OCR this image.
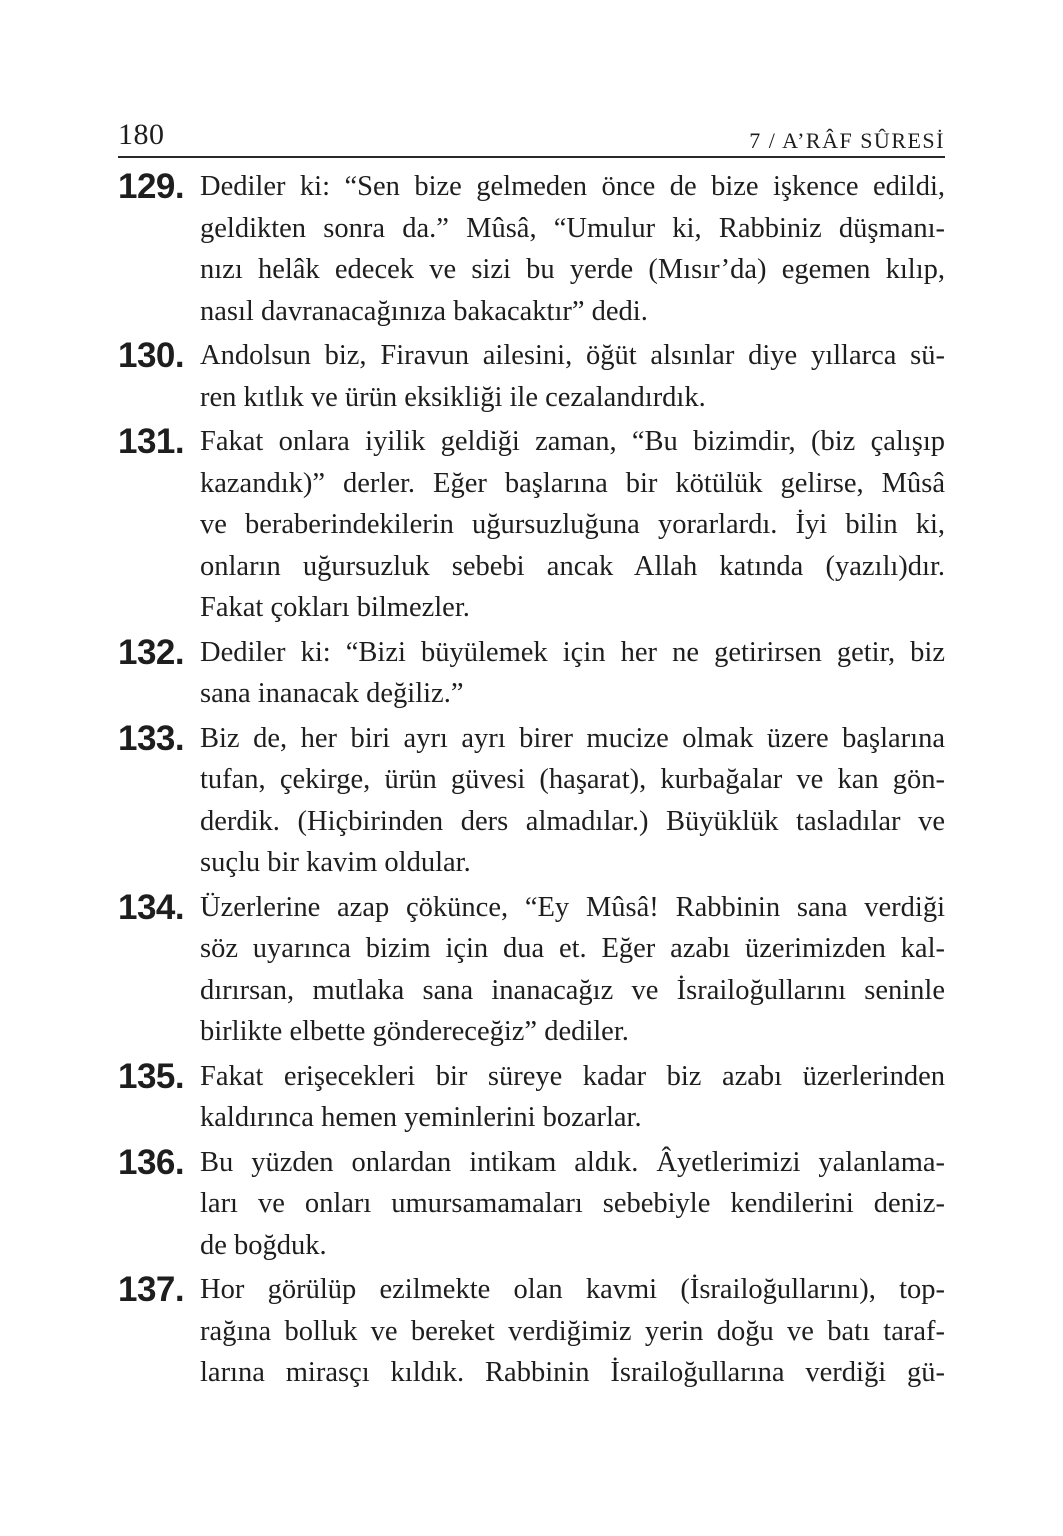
180	7 / A’RÂF SÛRESİ
129. Dediler ki: “Sen bize gelmeden önce de bize işkence edildi,
geldikten sonra da.” Mûsâ, “Umulur ki, Rabbiniz düşmanı-
nızı helâk edecek ve sizi bu yerde (Mısır’da) egemen kılıp,
nasıl davranacağınıza bakacaktır” dedi.
130. Andolsun biz, Firavun ailesini, öğüt alsınlar diye yıllarca sü-
ren kıtlık ve ürün eksikliği ile cezalandırdık.
131. Fakat onlara iyilik geldiği zaman, “Bu bizimdir, (biz çalışıp
kazandık)” derler. Eğer başlarına bir kötülük gelirse, Mûsâ
ve beraberindekilerin uğursuzluğuna yorarlardı. İyi bilin ki,
onların uğursuzluk sebebi ancak Allah katında (yazılı)dır.
Fakat çokları bilmezler.
132. Dediler ki: “Bizi büyülemek için her ne getirirsen getir, biz
sana inanacak değiliz.”
133. Biz de, her biri ayrı ayrı birer mucize olmak üzere başlarına
tufan, çekirge, ürün güvesi (haşarat), kurbağalar ve kan gön-
derdik. (Hiçbirinden ders almadılar.) Büyüklük tasladılar ve
suçlu bir kavim oldular.
134. Üzerlerine azap çökünce, “Ey Mûsâ! Rabbinin sana verdiği
söz uyarınca bizim için dua et. Eğer azabı üzerimizden kal-
dırırsan, mutlaka sana inanacağız ve İsrailoğullarını seninle
birlikte elbette göndereceğiz” dediler.
135. Fakat erişecekleri bir süreye kadar biz azabı üzerlerinden
kaldırınca hemen yeminlerini bozarlar.
136. Bu yüzden onlardan intikam aldık. Âyetlerimizi yalanlama-
ları ve onları umursamamaları sebebiyle kendilerini deniz-
de boğduk.
137. Hor görülüp ezilmekte olan kavmi (İsrailoğullarını), top-
rağına bolluk ve bereket verdiğimiz yerin doğu ve batı taraf-
larına mirasçı kıldık. Rabbinin İsrailoğullarına verdiği gü-
